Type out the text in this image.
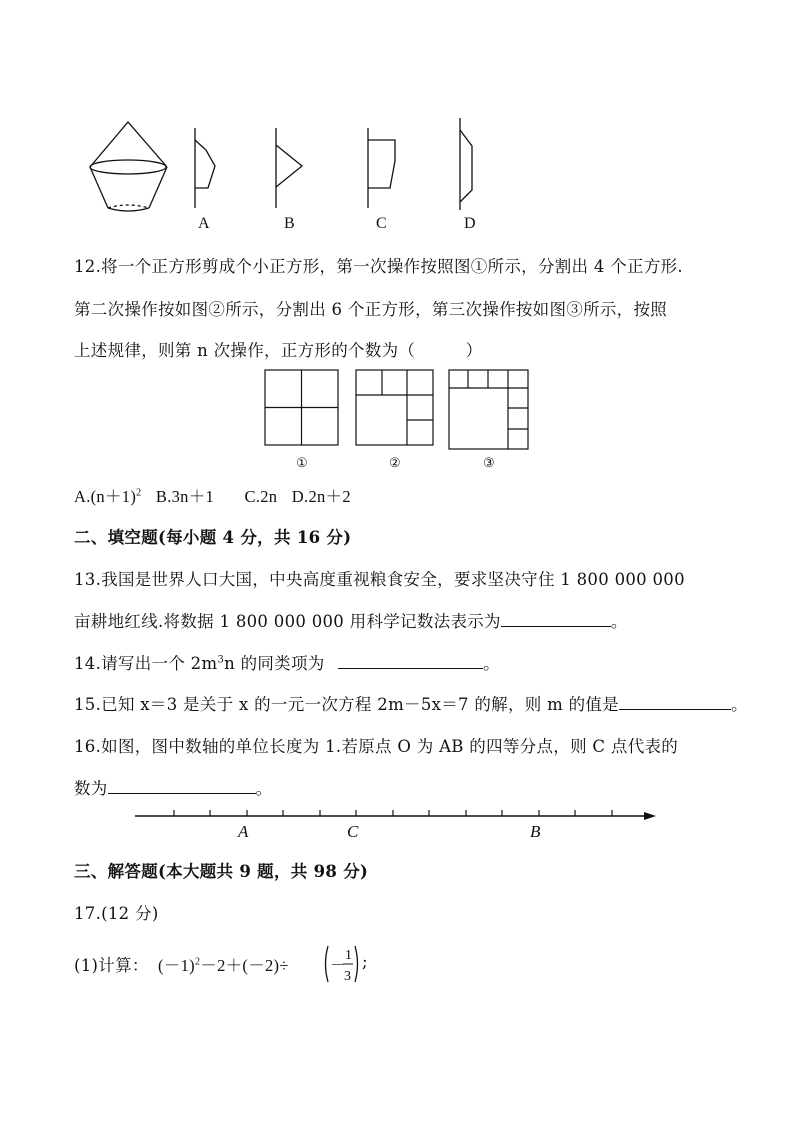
A	B	C	D
12.将一个正方形剪成个小正方形，第一次操作按照图①所示，分割出 4 个正方形.
第二次操作按如图②所示，分割出 6 个正方形，第三次操作按如图③所示，按照
上述规律，则第 n 次操作，正方形的个数为（　　　）
①	②	③
$A.(n+1)^2$ B.3n＋1 C.2n D.2n＋2
二、填空题(每小题 4 分，共 16 分)
13.我国是世界人口大国，中央高度重视粮食安全，要求坚决守住 1 800 000 000
亩耕地红线.将数据 1 800 000 000 用科学记数法表示为	。
14.请写出一个 $2m^3n$ 的同类项为	。
15.已知 x＝3 是关于 x 的一元一次方程 2m－5x＝7 的解，则 m 的值是	。
16.如图，图中数轴的单位长度为 1.若原点 O 为 AB 的四等分点，则 C 点代表的
数为	。
A	C	B
三、解答题(本大题共 9 题，共 98 分)
17.(12 分)
(1)计算： $(-1)^2-2+(-2)\div$	－
1
3
;
